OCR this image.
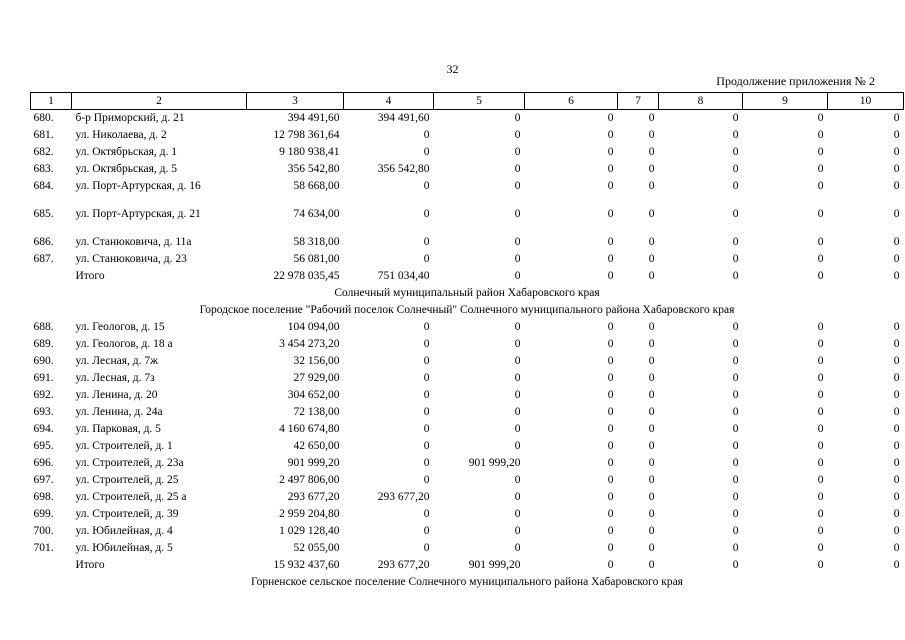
32
Продолжение приложения № 2
1	2	3	4	5	6	7	8	9	10
680.	б-р Приморский, д. 21	394 491,60	394 491,60	0	0	0	0	0	0
681.	ул. Николаева, д. 2	12 798 361,64	0	0	0	0	0	0	0
682.	ул. Октябрьская, д. 1	9 180 938,41	0	0	0	0	0	0	0
683.	ул. Октябрьская, д. 5	356 542,80	356 542,80	0	0	0	0	0	0
684.	ул. Порт-Артурская, д. 16	58 668,00	0	0	0	0	0	0	0
685.	ул. Порт-Артурская, д. 21	74 634,00	0	0	0	0	0	0	0
686.	ул. Станюковича, д. 11а	58 318,00	0	0	0	0	0	0	0
687.	ул. Станюковича, д. 23	56 081,00	0	0	0	0	0	0	0
	Итого	22 978 035,45	751 034,40	0	0	0	0	0	0
Солнечный муниципальный район Хабаровского края									
Городское поселение "Рабочий поселок Солнечный" Солнечного муниципального района Хабаровского края									
688.	ул. Геологов, д. 15	104 094,00	0	0	0	0	0	0	0
689.	ул. Геологов, д. 18 а	3 454 273,20	0	0	0	0	0	0	0
690.	ул. Лесная, д. 7ж	32 156,00	0	0	0	0	0	0	0
691.	ул. Лесная, д. 7з	27 929,00	0	0	0	0	0	0	0
692.	ул. Ленина, д. 20	304 652,00	0	0	0	0	0	0	0
693.	ул. Ленина, д. 24а	72 138,00	0	0	0	0	0	0	0
694.	ул. Парковая, д. 5	4 160 674,80	0	0	0	0	0	0	0
695.	ул. Строителей, д. 1	42 650,00	0	0	0	0	0	0	0
696.	ул. Строителей, д. 23а	901 999,20	0	901 999,20	0	0	0	0	0
697.	ул. Строителей, д. 25	2 497 806,00	0	0	0	0	0	0	0
698.	ул. Строителей, д. 25 а	293 677,20	293 677,20	0	0	0	0	0	0
699.	ул. Строителей, д. 39	2 959 204,80	0	0	0	0	0	0	0
700.	ул. Юбилейная, д. 4	1 029 128,40	0	0	0	0	0	0	0
701.	ул. Юбилейная, д. 5	52 055,00	0	0	0	0	0	0	0
	Итого	15 932 437,60	293 677,20	901 999,20	0	0	0	0	0
Горненское сельское поселение Солнечного муниципального района Хабаровского края									
